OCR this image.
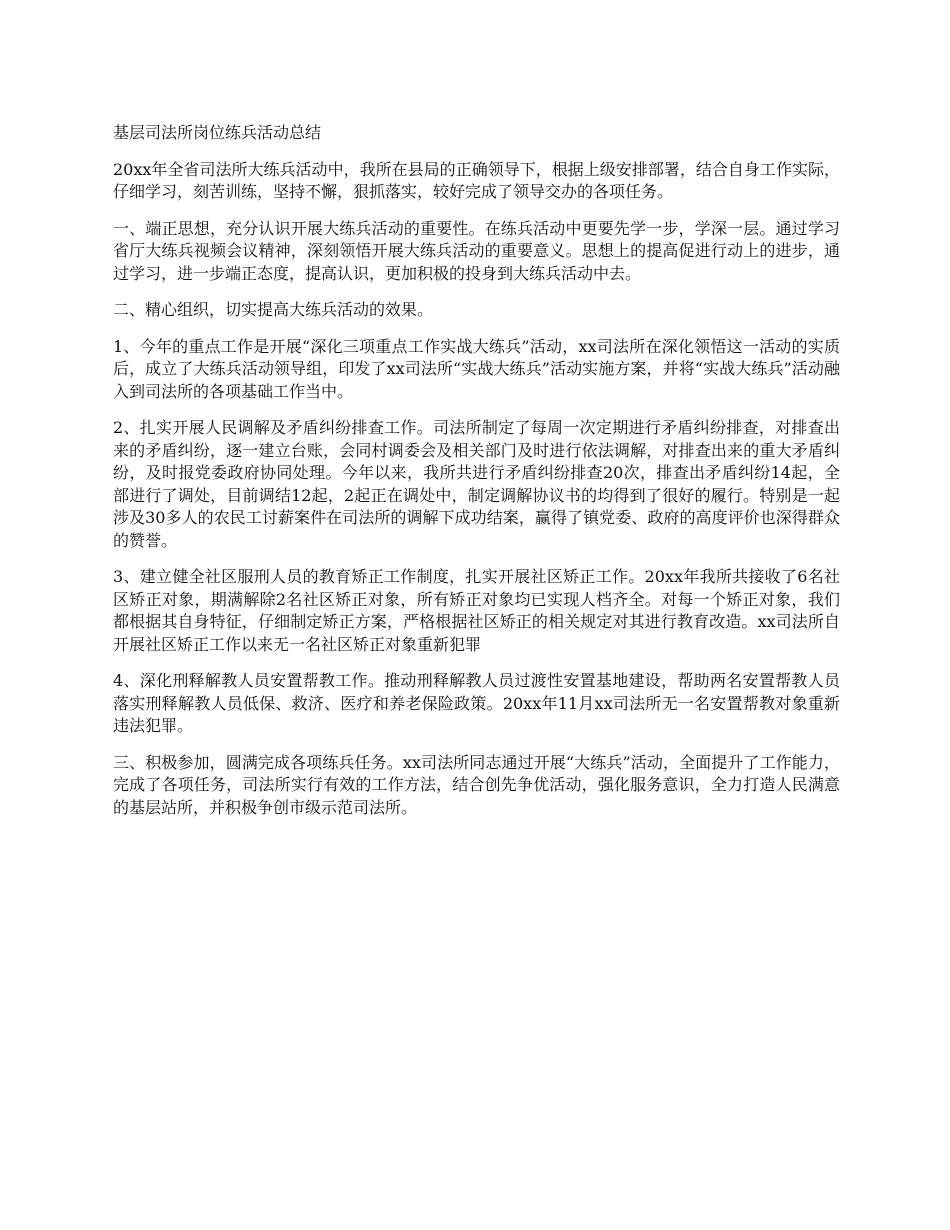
基层司法所岗位练兵活动总结

20xx年全省司法所大练兵活动中，我所在县局的正确领导下，根据上级安排部署，结合自身工作实际，仔细学习，刻苦训练，坚持不懈，狠抓落实，较好完成了领导交办的各项任务。

一、端正思想，充分认识开展大练兵活动的重要性。在练兵活动中更要先学一步，学深一层。通过学习省厅大练兵视频会议精神，深刻领悟开展大练兵活动的重要意义。思想上的提高促进行动上的进步，通过学习，进一步端正态度，提高认识，更加积极的投身到大练兵活动中去。

二、精心组织，切实提高大练兵活动的效果。

1、今年的重点工作是开展“深化三项重点工作实战大练兵”活动，xx司法所在深化领悟这一活动的实质后，成立了大练兵活动领导组，印发了xx司法所“实战大练兵”活动实施方案，并将“实战大练兵”活动融入到司法所的各项基础工作当中。

2、扎实开展人民调解及矛盾纠纷排查工作。司法所制定了每周一次定期进行矛盾纠纷排查，对排查出来的矛盾纠纷，逐一建立台账，会同村调委会及相关部门及时进行依法调解，对排查出来的重大矛盾纠纷，及时报党委政府协同处理。今年以来，我所共进行矛盾纠纷排查20次，排查出矛盾纠纷14起，全部进行了调处，目前调结12起，2起正在调处中，制定调解协议书的均得到了很好的履行。特别是一起涉及30多人的农民工讨薪案件在司法所的调解下成功结案，赢得了镇党委、政府的高度评价也深得群众的赞誉。

3、建立健全社区服刑人员的教育矫正工作制度，扎实开展社区矫正工作。20xx年我所共接收了6名社区矫正对象，期满解除2名社区矫正对象，所有矫正对象均已实现人档齐全。对每一个矫正对象，我们都根据其自身特征，仔细制定矫正方案，严格根据社区矫正的相关规定对其进行教育改造。xx司法所自开展社区矫正工作以来无一名社区矫正对象重新犯罪

4、深化刑释解教人员安置帮教工作。推动刑释解教人员过渡性安置基地建设，帮助两名安置帮教人员落实刑释解教人员低保、救济、医疗和养老保险政策。20xx年11月xx司法所无一名安置帮教对象重新违法犯罪。

三、积极参加，圆满完成各项练兵任务。xx司法所同志通过开展“大练兵”活动，全面提升了工作能力，完成了各项任务，司法所实行有效的工作方法，结合创先争优活动，强化服务意识，全力打造人民满意的基层站所，并积极争创市级示范司法所。
